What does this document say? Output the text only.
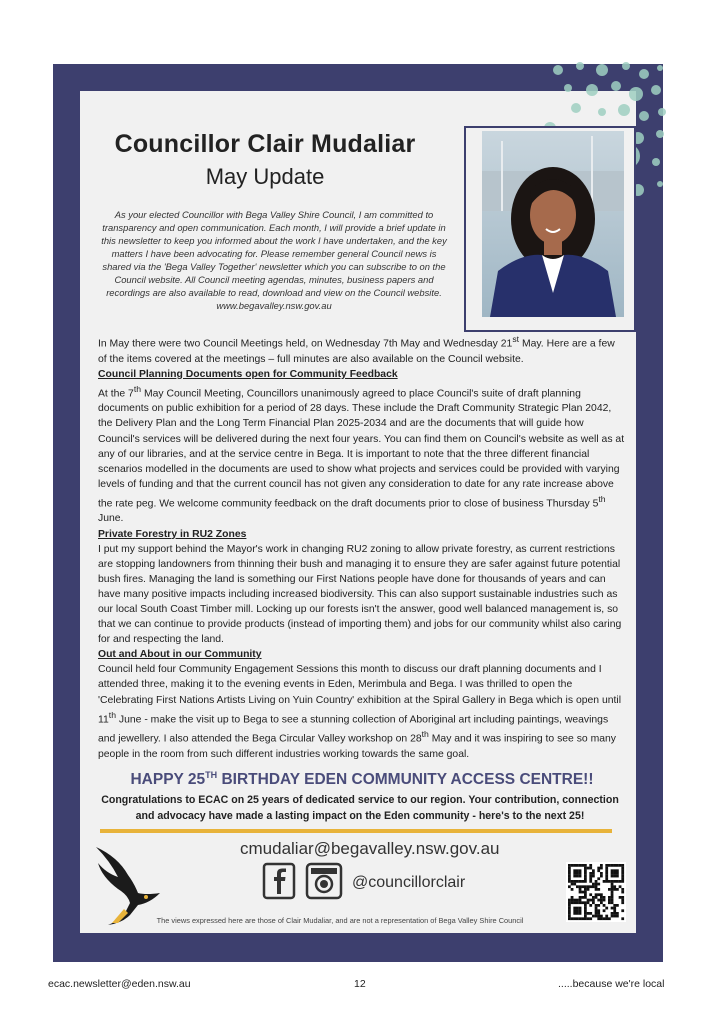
Councillor Clair Mudaliar
May Update
As your elected Councillor with Bega Valley Shire Council, I am committed to transparency and open communication. Each month, I will provide a brief update in this newsletter to keep you informed about the work I have undertaken, and the key matters I have been advocating for. Please remember general Council news is shared via the 'Bega Valley Together' newsletter which you can subscribe to on the Council website. All Council meeting agendas, minutes, business papers and recordings are also available to read, download and view on the Council website. www.begavalley.nsw.gov.au

In May there were two Council Meetings held, on Wednesday 7th May and Wednesday 21st May. Here are a few of the items covered at the meetings – full minutes are also available on the Council website.

Council Planning Documents open for Community Feedback

At the 7th May Council Meeting, Councillors unanimously agreed to place Council's suite of draft planning documents on public exhibition for a period of 28 days. These include the Draft Community Strategic Plan 2042, the Delivery Plan and the Long Term Financial Plan 2025-2034 and are the documents that will guide how Council's services will be delivered during the next four years. You can find them on Council's website as well as at any of our libraries, and at the service centre in Bega. It is important to note that the three different financial scenarios modelled in the documents are used to show what projects and services could be provided with varying levels of funding and that the current council has not given any consideration to date for any rate increase above the rate peg. We welcome community feedback on the draft documents prior to close of business Thursday 5th June.

Private Forestry in RU2 Zones

I put my support behind the Mayor's work in changing RU2 zoning to allow private forestry, as current restrictions are stopping landowners from thinning their bush and managing it to ensure they are safer against future potential bush fires. Managing the land is something our First Nations people have done for thousands of years and can have many positive impacts including increased biodiversity. This can also support sustainable industries such as our local South Coast Timber mill. Locking up our forests isn't the answer, good well balanced management is, so that we can continue to provide products (instead of importing them) and jobs for our community whilst also caring for and respecting the land.

Out and About in our Community

Council held four Community Engagement Sessions this month to discuss our draft planning documents and I attended three, making it to the evening events in Eden, Merimbula and Bega. I was thrilled to open the 'Celebrating First Nations Artists Living on Yuin Country' exhibition at the Spiral Gallery in Bega which is open until 11th June - make the visit up to Bega to see a stunning collection of Aboriginal art including paintings, weavings and jewellery. I also attended the Bega Circular Valley workshop on 28th May and it was inspiring to see so many people in the room from such different industries working towards the same goal.

HAPPY 25TH BIRTHDAY EDEN COMMUNITY ACCESS CENTRE!!
Congratulations to ECAC on 25 years of dedicated service to our region. Your contribution, connection and advocacy have made a lasting impact on the Eden community - here's to the next 25!
cmudaliar@begavalley.nsw.gov.au
@councillorclair
The views expressed here are those of Clair Mudaliar, and are not a representation of Bega Valley Shire Council
ecac.newsletter@eden.nsw.au	12	.....because we're local
